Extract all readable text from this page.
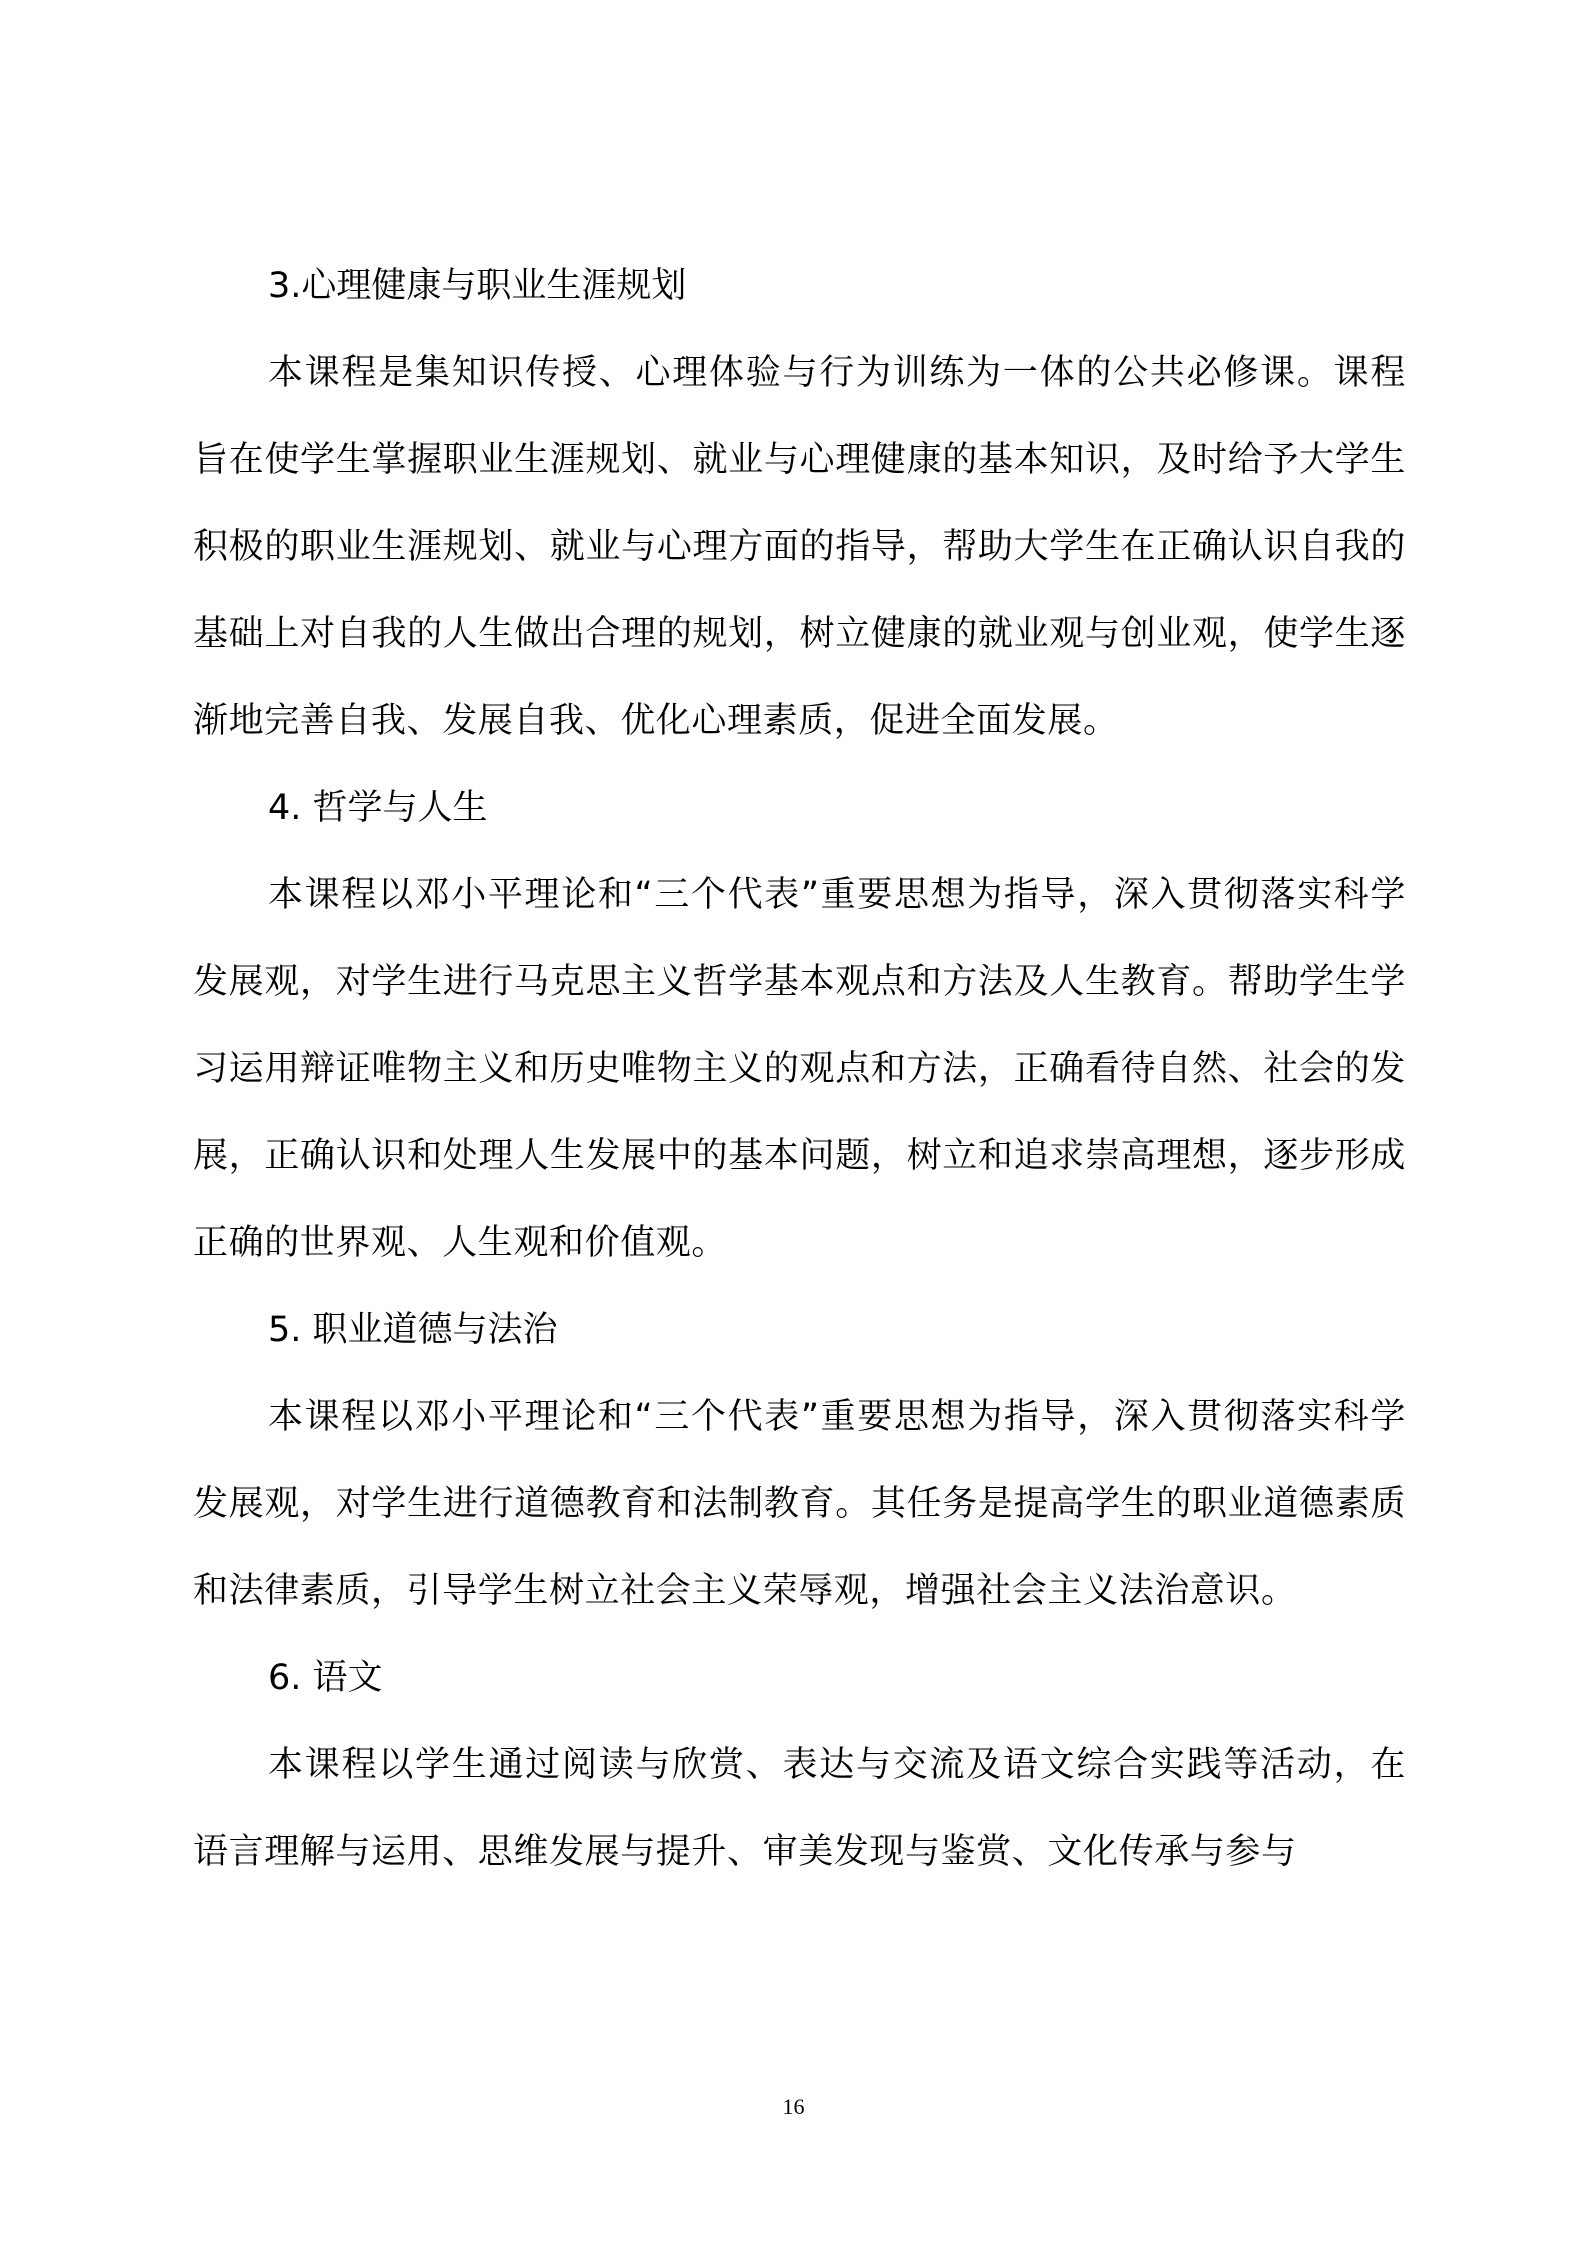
3.心理健康与职业生涯规划

本课程是集知识传授、心理体验与行为训练为一体的公共必修课。课程旨在使学生掌握职业生涯规划、就业与心理健康的基本知识，及时给予大学生积极的职业生涯规划、就业与心理方面的指导，帮助大学生在正确认识自我的基础上对自我的人生做出合理的规划，树立健康的就业观与创业观，使学生逐渐地完善自我、发展自我、优化心理素质，促进全面发展。

4. 哲学与人生

本课程以邓小平理论和“三个代表”重要思想为指导，深入贯彻落实科学发展观，对学生进行马克思主义哲学基本观点和方法及人生教育。帮助学生学习运用辩证唯物主义和历史唯物主义的观点和方法，正确看待自然、社会的发展，正确认识和处理人生发展中的基本问题，树立和追求崇高理想，逐步形成正确的世界观、人生观和价值观。

5. 职业道德与法治

本课程以邓小平理论和“三个代表”重要思想为指导，深入贯彻落实科学发展观，对学生进行道德教育和法制教育。其任务是提高学生的职业道德素质和法律素质，引导学生树立社会主义荣辱观，增强社会主义法治意识。

6. 语文

本课程以学生通过阅读与欣赏、表达与交流及语文综合实践等活动，在语言理解与运用、思维发展与提升、审美发现与鉴赏、文化传承与参与

16
